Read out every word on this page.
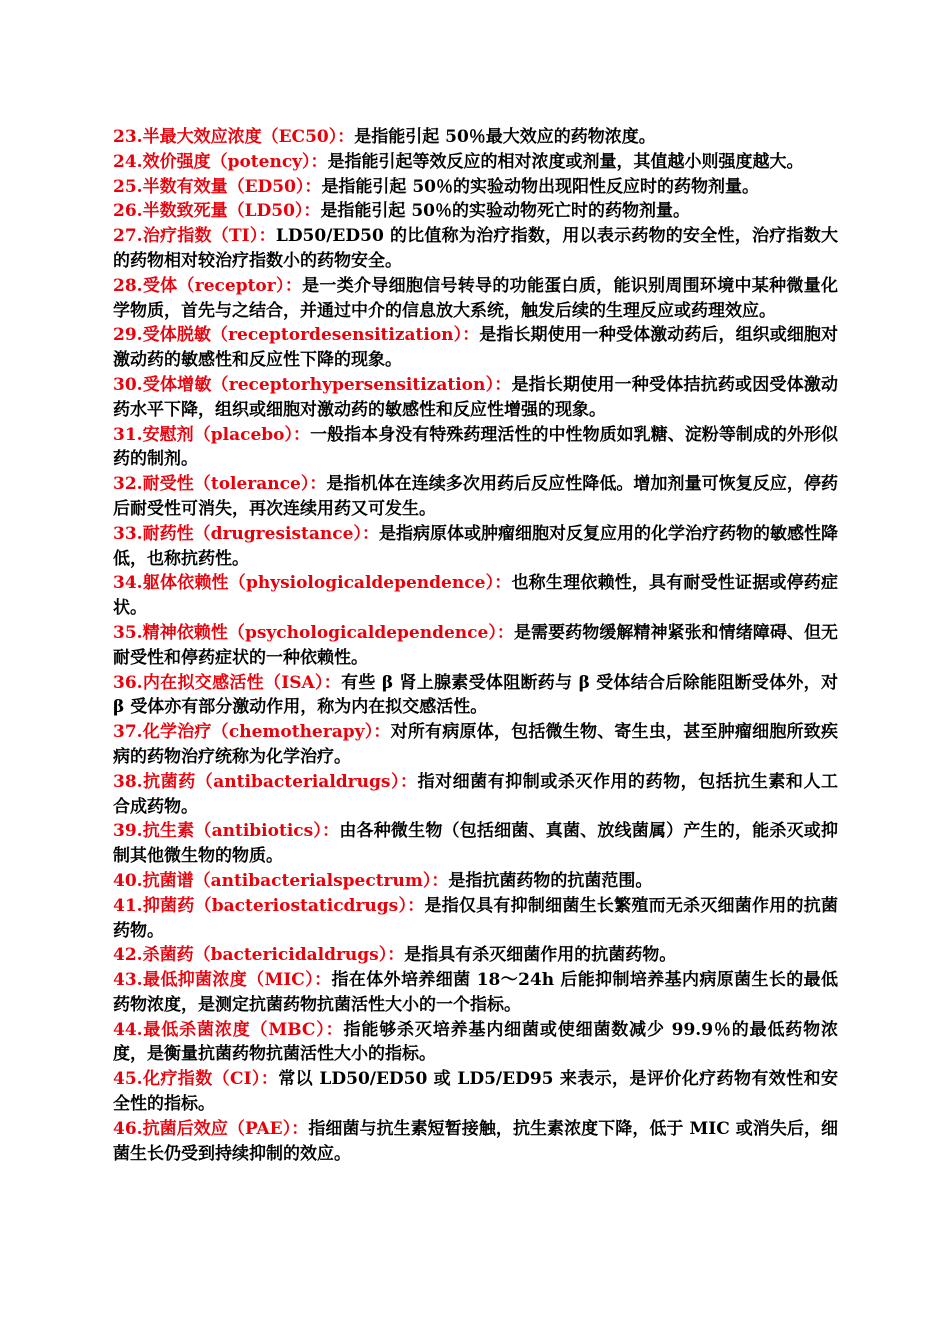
23.半最大效应浓度（EC50）：是指能引起 50％最大效应的药物浓度。

24.效价强度（potency）：是指能引起等效反应的相对浓度或剂量，其值越小则强度越大。

25.半数有效量（ED50）：是指能引起 50％的实验动物出现阳性反应时的药物剂量。

26.半数致死量（LD50）：是指能引起 50％的实验动物死亡时的药物剂量。

27.治疗指数（TI）：LD50/ED50 的比值称为治疗指数，用以表示药物的安全性，治疗指数大的药物相对较治疗指数小的药物安全。

28.受体（receptor）：是一类介导细胞信号转导的功能蛋白质，能识别周围环境中某种微量化学物质，首先与之结合，并通过中介的信息放大系统，触发后续的生理反应或药理效应。

29.受体脱敏（receptordesensitization）：是指长期使用一种受体激动药后，组织或细胞对激动药的敏感性和反应性下降的现象。

30.受体增敏（receptorhypersensitization）：是指长期使用一种受体拮抗药或因受体激动药水平下降，组织或细胞对激动药的敏感性和反应性增强的现象。

31.安慰剂（placebo）：一般指本身没有特殊药理活性的中性物质如乳糖、淀粉等制成的外形似药的制剂。

32.耐受性（tolerance）：是指机体在连续多次用药后反应性降低。增加剂量可恢复反应，停药后耐受性可消失，再次连续用药又可发生。

33.耐药性（drugresistance）：是指病原体或肿瘤细胞对反复应用的化学治疗药物的敏感性降低，也称抗药性。

34.躯体依赖性（physiologicaldependence）：也称生理依赖性，具有耐受性证据或停药症状。

35.精神依赖性（psychologicaldependence）：是需要药物缓解精神紧张和情绪障碍、但无耐受性和停药症状的一种依赖性。

36.内在拟交感活性（ISA）：有些 β 肾上腺素受体阻断药与 β 受体结合后除能阻断受体外，对 β 受体亦有部分激动作用，称为内在拟交感活性。

37.化学治疗（chemotherapy）：对所有病原体，包括微生物、寄生虫，甚至肿瘤细胞所致疾病的药物治疗统称为化学治疗。

38.抗菌药（antibacterialdrugs）：指对细菌有抑制或杀灭作用的药物，包括抗生素和人工合成药物。

39.抗生素（antibiotics）：由各种微生物（包括细菌、真菌、放线菌属）产生的，能杀灭或抑制其他微生物的物质。

40.抗菌谱（antibacterialspectrum）：是指抗菌药物的抗菌范围。

41.抑菌药（bacteriostaticdrugs）：是指仅具有抑制细菌生长繁殖而无杀灭细菌作用的抗菌药物。

42.杀菌药（bactericidaldrugs）：是指具有杀灭细菌作用的抗菌药物。

43.最低抑菌浓度（MIC）：指在体外培养细菌 18～24h 后能抑制培养基内病原菌生长的最低药物浓度，是测定抗菌药物抗菌活性大小的一个指标。

44.最低杀菌浓度（MBC）：指能够杀灭培养基内细菌或使细菌数减少 99.9％的最低药物浓度，是衡量抗菌药物抗菌活性大小的指标。

45.化疗指数（CI）：常以 LD50/ED50 或 LD5/ED95 来表示，是评价化疗药物有效性和安全性的指标。

46.抗菌后效应（PAE）：指细菌与抗生素短暂接触，抗生素浓度下降，低于 MIC 或消失后，细菌生长仍受到持续抑制的效应。
